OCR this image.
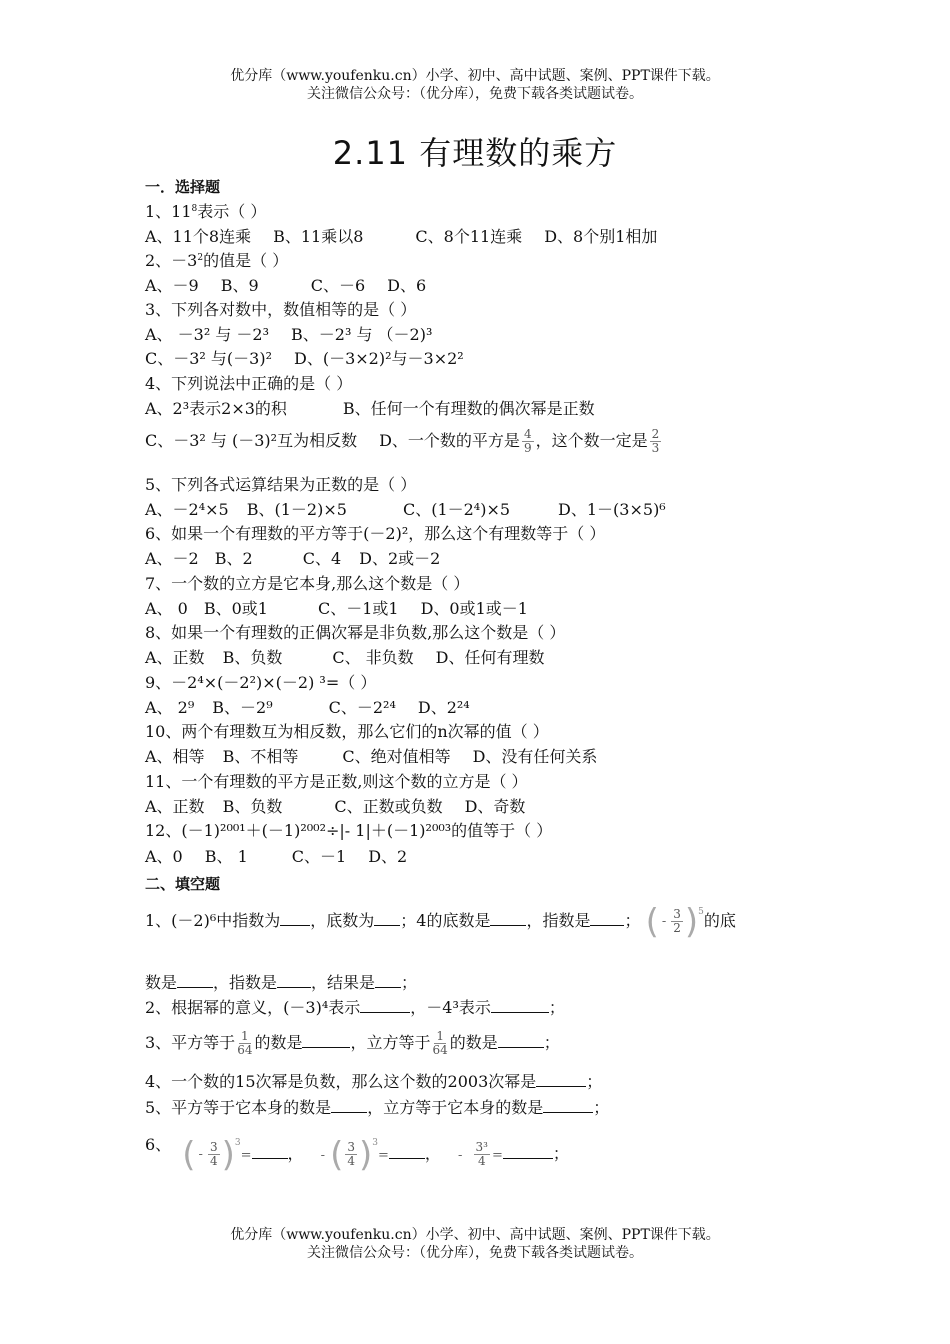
优分库（www.youfenku.cn）小学、初中、高中试题、案例、PPT课件下载。
关注微信公众号：（优分库），免费下载各类试题试卷。
2.11 有理数的乘方
一．选择题
1、$11^8$表示（ ）
A、11个8连乘 B、11乘以8	C、8个11连乘 D、8个别1相加
2、$-3^2$的值是（ ）
A、－9 B、9	C、－6 D、6
3、下列各对数中，数值相等的是（ ）
A、 －3² 与 －2³ B、－2³ 与 （－2)³
C、－3² 与(－3)² D、(－3×2)²与－3×2²
4、下列说法中正确的是（ ）
A、2³表示2×3的积	B、任何一个有理数的偶次幂是正数
C、－3² 与 (－3)²互为相反数 D、一个数的平方是 $\frac{4}{9}$ ，这个数一定是 $\frac{2}{3}$
5、下列各式运算结果为正数的是（ ）
A、－2⁴×5 B、(1－2)×5	C、(1－2⁴)×5	D、1－(3×5)⁶
6、如果一个有理数的平方等于(－2)²，那么这个有理数等于（ ）
A、－2 B、2	C、4 D、2或－2
7、一个数的立方是它本身,那么这个数是（ ）
A、 0 B、0或1	C、－1或1 D、0或1或－1
8、如果一个有理数的正偶次幂是非负数,那么这个数是（ ）
A、正数 B、负数	C、 非负数 D、任何有理数
9、－2⁴×(－2²)×(－2) ³=（ ）
A、 2⁹ B、－2⁹	C、－2²⁴ D、2²⁴
10、两个有理数互为相反数，那么它们的n次幂的值（ ）
A、相等 B、不相等	C、绝对值相等 D、没有任何关系
11、一个有理数的平方是正数,则这个数的立方是（ ）
A、正数 B、负数	C、正数或负数 D、奇数
12、(－1)²⁰⁰¹＋(－1)²⁰⁰²÷|- 1|＋(－1)²⁰⁰³的值等于（ ）
A、0 B、 1	C、－1 D、2
二、填空题
1、(－2)⁶中指数为 ，底数为 ；4的底数是 ，指数是 ； ( - $\frac{3}{2} )^5$ 的底
数是 ，指数是 ，结果是 ；
2、根据幂的意义，(－3)⁴表示	，－4³表示	；
3、平方等于 $\frac{1}{64}$ 的数是	，立方等于 $\frac{1}{64}$ 的数是	；
4、一个数的15次幂是负数，那么这个数的2003次幂是	；
5、平方等于它本身的数是 ，立方等于它本身的数是	；
6、 ( - $\frac{3}{4} )^3$
= ， - ( $\frac{3}{4} )^3$
= ， - $\frac{\text{3³}}{4}$ =	；
优分库（www.youfenku.cn）小学、初中、高中试题、案例、PPT课件下载。
关注微信公众号：（优分库），免费下载各类试题试卷。
